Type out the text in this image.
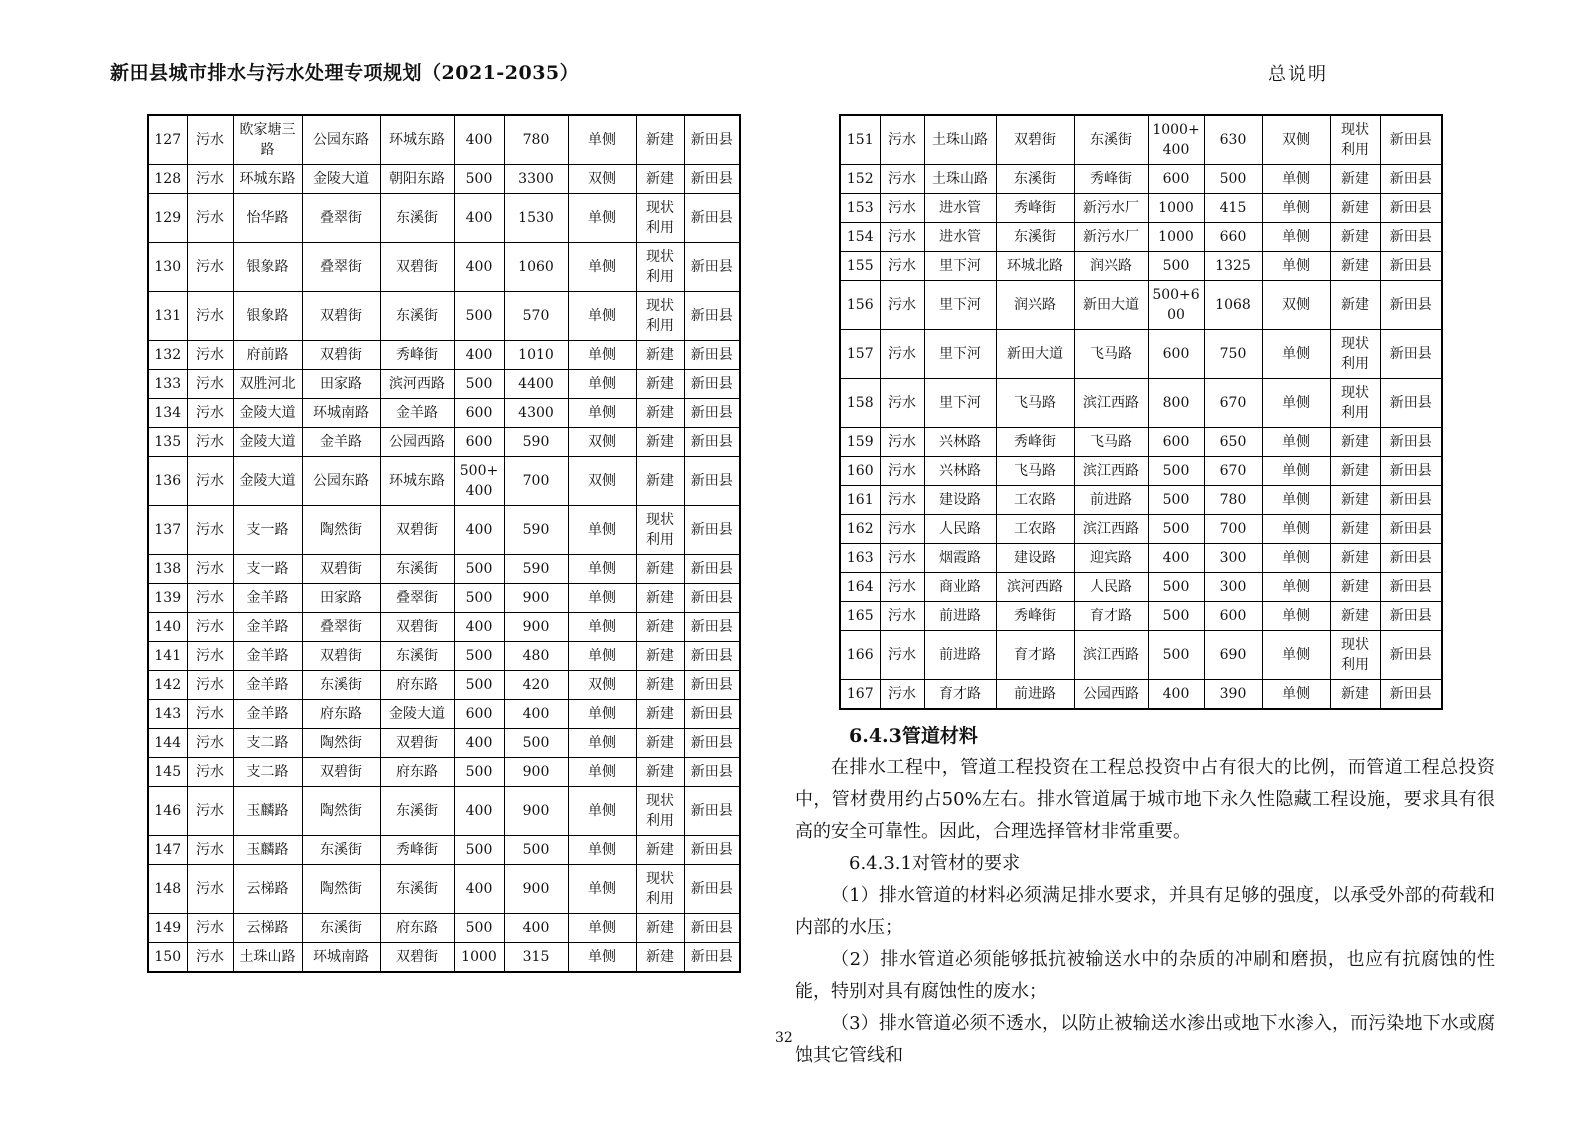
新田县城市排水与污水处理专项规划（2021-2035）	总说明
127	污水	欧家塘三路	公园东路	环城东路	400	780	单侧	新建	新田县
128	污水	环城东路	金陵大道	朝阳东路	500	3300	双侧	新建	新田县
129	污水	怡华路	叠翠街	东溪街	400	1530	单侧	现状利用	新田县
130	污水	银象路	叠翠街	双碧街	400	1060	单侧	现状利用	新田县
131	污水	银象路	双碧街	东溪街	500	570	单侧	现状利用	新田县
132	污水	府前路	双碧街	秀峰街	400	1010	单侧	新建	新田县
133	污水	双胜河北	田家路	滨河西路	500	4400	单侧	新建	新田县
134	污水	金陵大道	环城南路	金羊路	600	4300	单侧	新建	新田县
135	污水	金陵大道	金羊路	公园西路	600	590	双侧	新建	新田县
136	污水	金陵大道	公园东路	环城东路	500+400	700	双侧	新建	新田县
137	污水	支一路	陶然街	双碧街	400	590	单侧	现状利用	新田县
138	污水	支一路	双碧街	东溪街	500	590	单侧	新建	新田县
139	污水	金羊路	田家路	叠翠街	500	900	单侧	新建	新田县
140	污水	金羊路	叠翠街	双碧街	400	900	单侧	新建	新田县
141	污水	金羊路	双碧街	东溪街	500	480	单侧	新建	新田县
142	污水	金羊路	东溪街	府东路	500	420	双侧	新建	新田县
143	污水	金羊路	府东路	金陵大道	600	400	单侧	新建	新田县
144	污水	支二路	陶然街	双碧街	400	500	单侧	新建	新田县
145	污水	支二路	双碧街	府东路	500	900	单侧	新建	新田县
146	污水	玉麟路	陶然街	东溪街	400	900	单侧	现状利用	新田县
147	污水	玉麟路	东溪街	秀峰街	500	500	单侧	新建	新田县
148	污水	云梯路	陶然街	东溪街	400	900	单侧	现状利用	新田县
149	污水	云梯路	东溪街	府东路	500	400	单侧	新建	新田县
150	污水	土珠山路	环城南路	双碧街	1000	315	单侧	新建	新田县
151	污水	土珠山路	双碧街	东溪街	1000+400	630	双侧	现状利用	新田县
152	污水	土珠山路	东溪街	秀峰街	600	500	单侧	新建	新田县
153	污水	进水管	秀峰街	新污水厂	1000	415	单侧	新建	新田县
154	污水	进水管	东溪街	新污水厂	1000	660	单侧	新建	新田县
155	污水	里下河	环城北路	润兴路	500	1325	单侧	新建	新田县
156	污水	里下河	润兴路	新田大道	500+600	1068	双侧	新建	新田县
157	污水	里下河	新田大道	飞马路	600	750	单侧	现状利用	新田县
158	污水	里下河	飞马路	滨江西路	800	670	单侧	现状利用	新田县
159	污水	兴林路	秀峰街	飞马路	600	650	单侧	新建	新田县
160	污水	兴林路	飞马路	滨江西路	500	670	单侧	新建	新田县
161	污水	建设路	工农路	前进路	500	780	单侧	新建	新田县
162	污水	人民路	工农路	滨江西路	500	700	单侧	新建	新田县
163	污水	烟霞路	建设路	迎宾路	400	300	单侧	新建	新田县
164	污水	商业路	滨河西路	人民路	500	300	单侧	新建	新田县
165	污水	前进路	秀峰街	育才路	500	600	单侧	新建	新田县
166	污水	前进路	育才路	滨江西路	500	690	单侧	现状利用	新田县
167	污水	育才路	前进路	公园西路	400	390	单侧	新建	新田县
6.4.3管道材料

在排水工程中，管道工程投资在工程总投资中占有很大的比例，而管道工程总投资中，管材费用约占50%左右。排水管道属于城市地下永久性隐藏工程设施，要求具有很高的安全可靠性。因此，合理选择管材非常重要。

6.4.3.1对管材的要求

（1）排水管道的材料必须满足排水要求，并具有足够的强度，以承受外部的荷载和内部的水压；

（2）排水管道必须能够抵抗被输送水中的杂质的冲刷和磨损，也应有抗腐蚀的性能，特别对具有腐蚀性的废水；

（3）排水管道必须不透水，以防止被输送水渗出或地下水渗入，而污染地下水或腐蚀其它管线和

32
